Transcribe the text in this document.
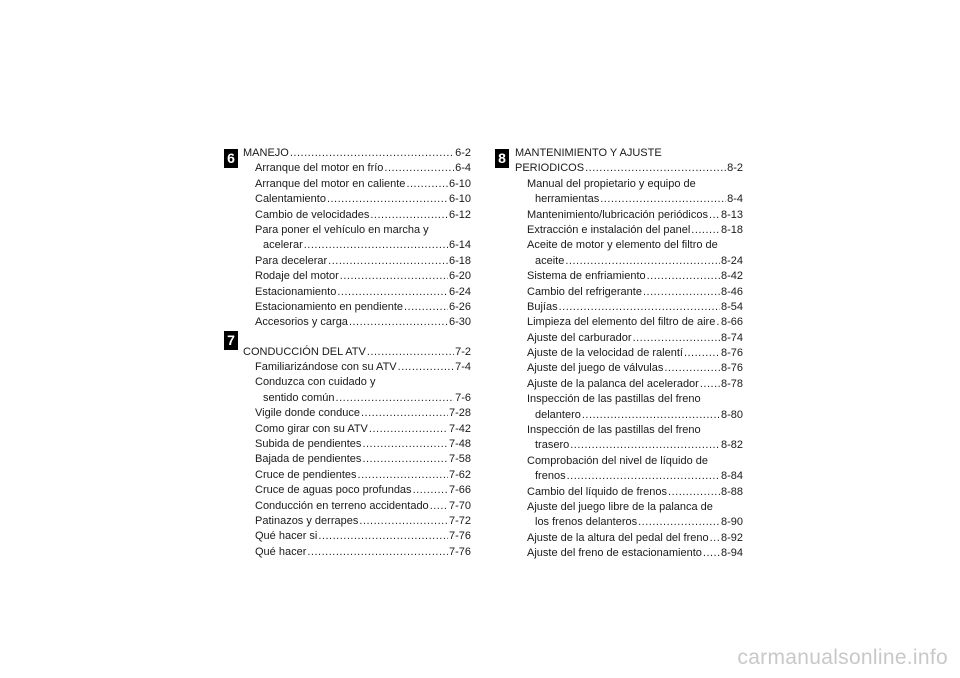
6
7
8
MANEJO .....	6-2
Arranque del motor en frío .....	6-4
Arranque del motor en caliente .....	6-10
Calentamiento .....	6-10
Cambio de velocidades .....	6-12
Para poner el vehículo en marcha y
acelerar .....	6-14
Para decelerar .....	6-18
Rodaje del motor .....	6-20
Estacionamiento .....	6-24
Estacionamiento en pendiente .....	6-26
Accesorios y carga .....	6-30
CONDUCCIÓN DEL ATV .....	7-2
Familiarizándose con su ATV .....	7-4
Conduzca con cuidado y
sentido común .....	7-6
Vigile donde conduce .....	7-28
Como girar con su ATV .....	7-42
Subida de pendientes .....	7-48
Bajada de pendientes .....	7-58
Cruce de pendientes .....	7-62
Cruce de aguas poco profundas .....	7-66
Conducción en terreno accidentado ..... 7-70
Patinazos y derrapes .....	7-72
Qué hacer si .....	7-76
Qué hacer .....	7-76
MANTENIMIENTO Y AJUSTE
PERIODICOS .....	8-2
Manual del propietario y equipo de
herramientas .....	8-4
Mantenimiento/lubricación periódicos ..... 8-13
Extracción e instalación del panel .....	8-18
Aceite de motor y elemento del filtro de
aceite .....	8-24
Sistema de enfriamiento .....	8-42
Cambio del refrigerante .....	8-46
Bujías .....	8-54
Limpieza del elemento del filtro de aire ..... 8-66
Ajuste del carburador .....	8-74
Ajuste de la velocidad de ralentí .....	8-76
Ajuste del juego de válvulas .....	8-76
Ajuste de la palanca del acelerador ..... 8-78
Inspección de las pastillas del freno
delantero .....	8-80
Inspección de las pastillas del freno
trasero .....	8-82
Comprobación del nivel de líquido de
frenos .....	8-84
Cambio del líquido de frenos .....	8-88
Ajuste del juego libre de la palanca de
los frenos delanteros .....	8-90
Ajuste de la altura del pedal del freno ..... 8-92
Ajuste del freno de estacionamiento ..... 8-94
carmanualsonline.info
